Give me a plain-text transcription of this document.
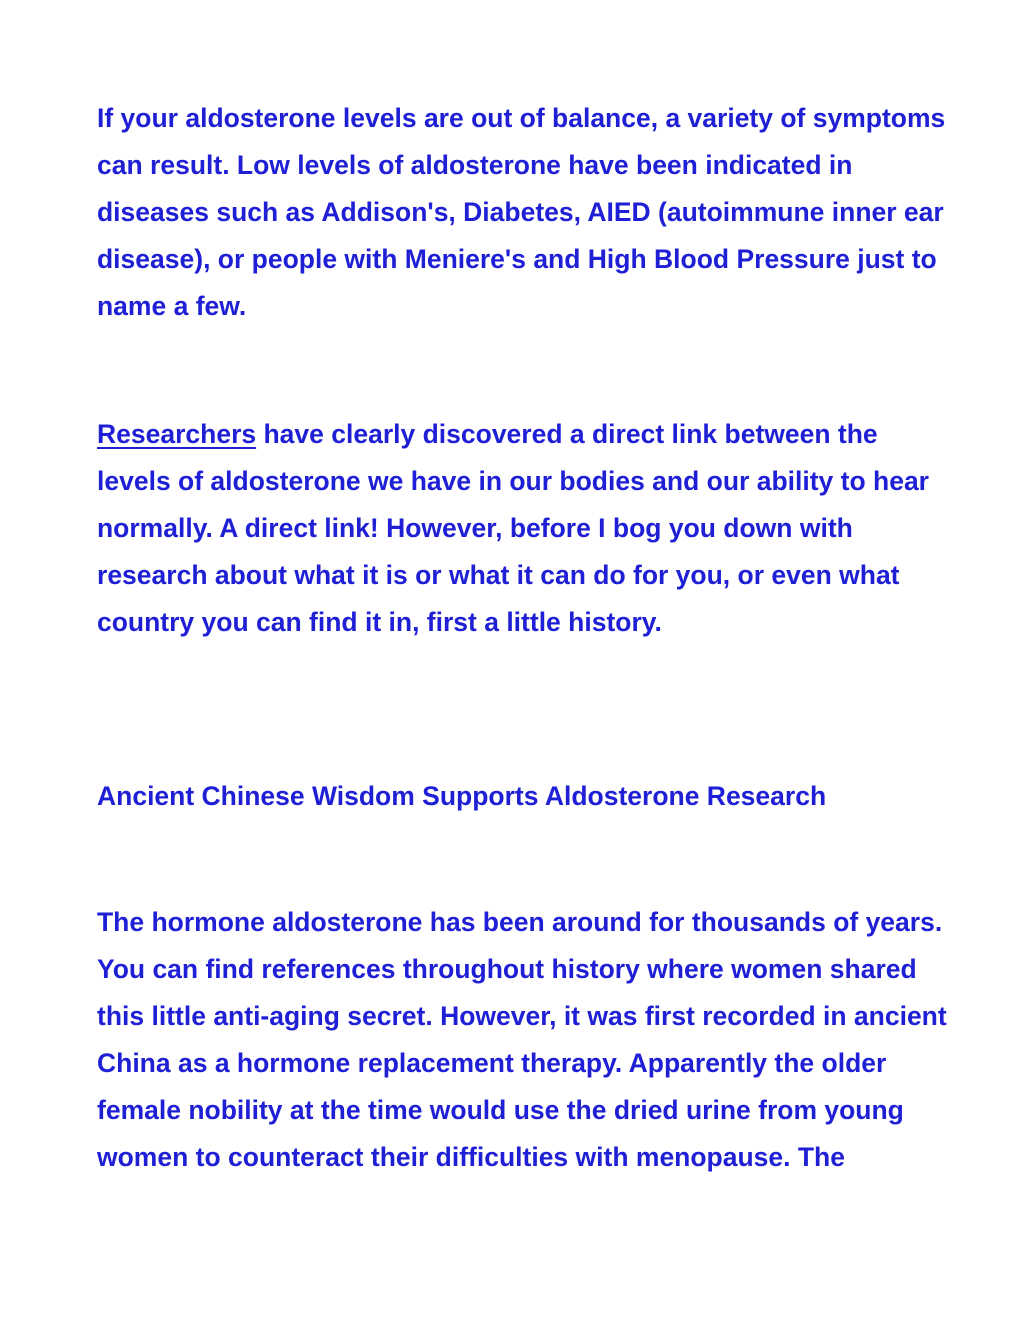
If your aldosterone levels are out of balance, a variety of symptoms can result. Low levels of aldosterone have been indicated in diseases such as Addison's, Diabetes, AIED (autoimmune inner ear disease), or people with Meniere's and High Blood Pressure just to name a few.

Researchers have clearly discovered a direct link between the levels of aldosterone we have in our bodies and our ability to hear normally. A direct link! However, before I bog you down with research about what it is or what it can do for you, or even what country you can find it in, first a little history.

Ancient Chinese Wisdom Supports Aldosterone Research

The hormone aldosterone has been around for thousands of years. You can find references throughout history where women shared this little anti-aging secret. However, it was first recorded in ancient China as a hormone replacement therapy. Apparently the older female nobility at the time would use the dried urine from young women to counteract their difficulties with menopause. The
